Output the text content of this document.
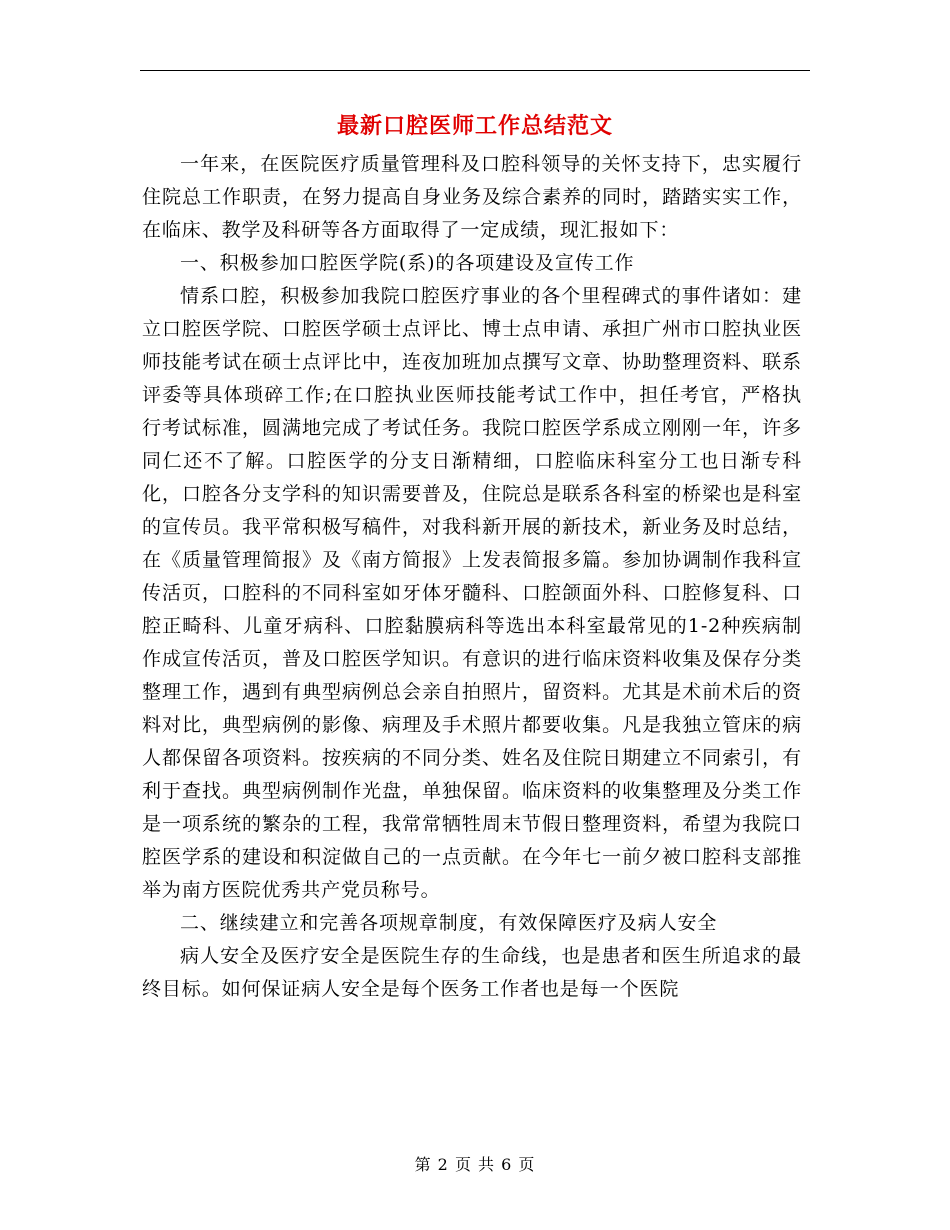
最新口腔医师工作总结范文

一年来，在医院医疗质量管理科及口腔科领导的关怀支持下，忠实履行住院总工作职责，在努力提高自身业务及综合素养的同时，踏踏实实工作，在临床、教学及科研等各方面取得了一定成绩，现汇报如下：

一、积极参加口腔医学院(系)的各项建设及宣传工作

情系口腔，积极参加我院口腔医疗事业的各个里程碑式的事件诸如：建立口腔医学院、口腔医学硕士点评比、博士点申请、承担广州市口腔执业医师技能考试在硕士点评比中，连夜加班加点撰写文章、协助整理资料、联系评委等具体琐碎工作;在口腔执业医师技能考试工作中，担任考官，严格执行考试标准，圆满地完成了考试任务。我院口腔医学系成立刚刚一年，许多同仁还不了解。口腔医学的分支日渐精细，口腔临床科室分工也日渐专科化，口腔各分支学科的知识需要普及，住院总是联系各科室的桥梁也是科室的宣传员。我平常积极写稿件，对我科新开展的新技术，新业务及时总结，在《质量管理简报》及《南方简报》上发表简报多篇。参加协调制作我科宣传活页，口腔科的不同科室如牙体牙髓科、口腔颌面外科、口腔修复科、口腔正畸科、儿童牙病科、口腔黏膜病科等选出本科室最常见的1-2种疾病制作成宣传活页，普及口腔医学知识。有意识的进行临床资料收集及保存分类整理工作，遇到有典型病例总会亲自拍照片，留资料。尤其是术前术后的资料对比，典型病例的影像、病理及手术照片都要收集。凡是我独立管床的病人都保留各项资料。按疾病的不同分类、姓名及住院日期建立不同索引，有利于查找。典型病例制作光盘，单独保留。临床资料的收集整理及分类工作是一项系统的繁杂的工程，我常常牺牲周末节假日整理资料，希望为我院口腔医学系的建设和积淀做自己的一点贡献。在今年七一前夕被口腔科支部推举为南方医院优秀共产党员称号。

二、继续建立和完善各项规章制度，有效保障医疗及病人安全

病人安全及医疗安全是医院生存的生命线，也是患者和医生所追求的最终目标。如何保证病人安全是每个医务工作者也是每一个医院

第 2 页 共 6 页
